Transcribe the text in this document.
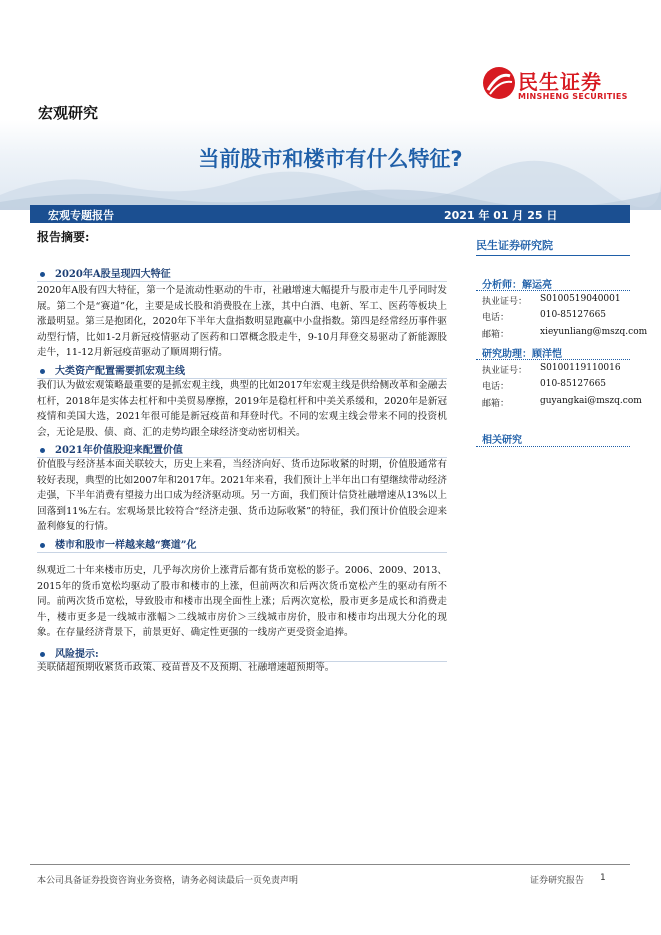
宏观研究
民生证券
MINSHENG SECURITIES
当前股市和楼市有什么特征?
宏观专题报告	2021 年 01 月 25 日
报告摘要:
2020年A股呈现四大特征
2020年A股有四大特征，第一个是流动性驱动的牛市，社融增速大幅提升与股市走牛几乎同时发展。第二个是“赛道”化，主要是成长股和消费股在上涨，其中白酒、电新、军工、医药等板块上涨最明显。第三是抱团化，2020年下半年大盘指数明显跑赢中小盘指数。第四是经常经历事件驱动型行情，比如1-2月新冠疫情驱动了医药和口罩概念股走牛，9-10月拜登交易驱动了新能源股走牛，11-12月新冠疫苗驱动了顺周期行情。
大类资产配置需要抓宏观主线
我们认为做宏观策略最重要的是抓宏观主线，典型的比如2017年宏观主线是供给侧改革和金融去杠杆，2018年是实体去杠杆和中美贸易摩擦，2019年是稳杠杆和中美关系缓和，2020年是新冠疫情和美国大选，2021年很可能是新冠疫苗和拜登时代。不同的宏观主线会带来不同的投资机会，无论是股、债、商、汇的走势均跟全球经济变动密切相关。
2021年价值股迎来配置价值
价值股与经济基本面关联较大，历史上来看，当经济向好、货币边际收紧的时期，价值股通常有较好表现，典型的比如2007年和2017年。2021年来看，我们预计上半年出口有望继续带动经济走强，下半年消费有望接力出口成为经济驱动项。另一方面，我们预计信贷社融增速从13%以上回落到11%左右。宏观场景比较符合“经济走强、货币边际收紧”的特征，我们预计价值股会迎来盈利修复的行情。
楼市和股市一样越来越“赛道”化
纵观近二十年来楼市历史，几乎每次房价上涨背后都有货币宽松的影子。2006、2009、2013、2015年的货币宽松均驱动了股市和楼市的上涨，但前两次和后两次货币宽松产生的驱动有所不同。前两次货币宽松，导致股市和楼市出现全面性上涨；后两次宽松，股市更多是成长和消费走牛，楼市更多是一线城市涨幅＞二线城市房价＞三线城市房价，股市和楼市均出现大分化的现象。在存量经济背景下，前景更好、确定性更强的一线房产更受资金追捧。
风险提示:
美联储超预期收紧货币政策、疫苗普及不及预期、社融增速超预期等。
民生证券研究院
分析师：解运亮
执业证号： S0100519040001
电话：	010-85127665
邮箱：	xieyunliang@mszq.com
研究助理：顾洋恺
执业证号： S0100119110016
电话：	010-85127665
邮箱：	guyangkai@mszq.com
相关研究
本公司具备证券投资咨询业务资格，请务必阅读最后一页免责声明	证券研究报告 1
